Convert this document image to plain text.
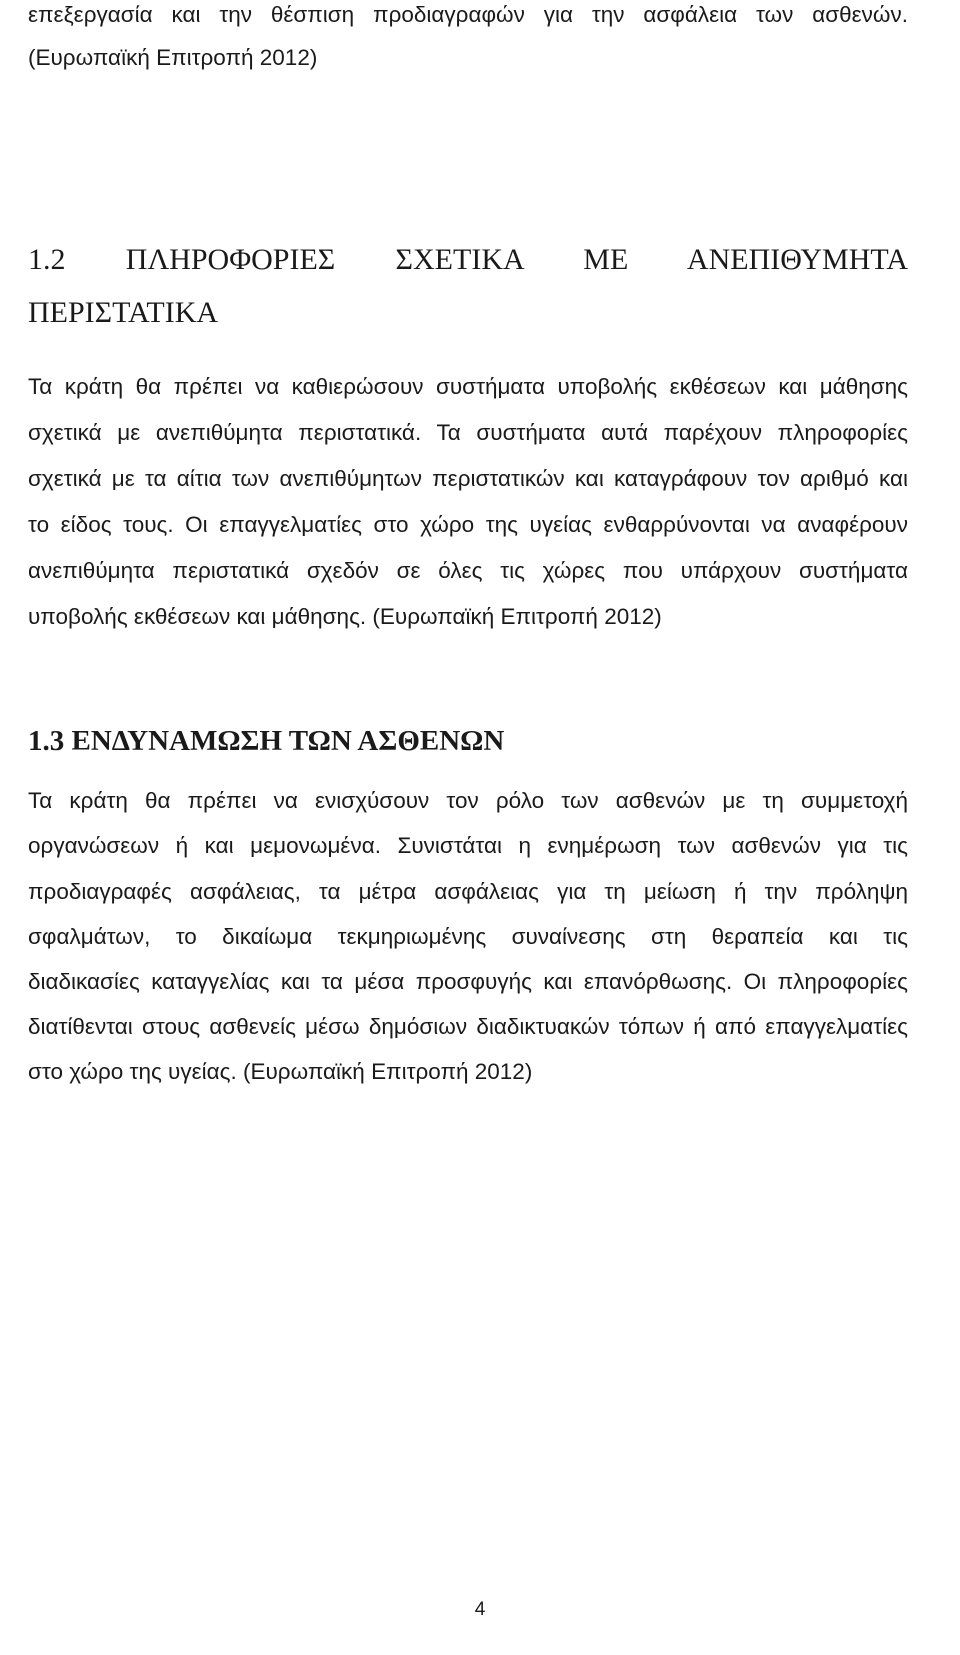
επεξεργασία και την θέσπιση προδιαγραφών για την ασφάλεια των ασθενών.

(Ευρωπαϊκή Επιτροπή 2012)

1.2 ΠΛΗΡΟΦΟΡΙΕΣ ΣΧΕΤΙΚΑ ΜΕ ΑΝΕΠΙΘΥΜΗΤΑ
ΠΕΡΙΣΤΑΤΙΚΑ

Τα κράτη θα πρέπει να καθιερώσουν συστήματα υποβολής εκθέσεων και μάθησης

σχετικά με ανεπιθύμητα περιστατικά. Τα συστήματα αυτά παρέχουν πληροφορίες

σχετικά με τα αίτια των ανεπιθύμητων περιστατικών και καταγράφουν τον αριθμό και

το είδος τους. Οι επαγγελματίες στο χώρο της υγείας ενθαρρύνονται να αναφέρουν

ανεπιθύμητα περιστατικά σχεδόν σε όλες τις χώρες που υπάρχουν συστήματα

υποβολής εκθέσεων και μάθησης. (Ευρωπαϊκή Επιτροπή 2012)

1.3 ΕΝΔΥΝΑΜΩΣΗ ΤΩΝ ΑΣΘΕΝΩΝ

Τα κράτη θα πρέπει να ενισχύσουν τον ρόλο των ασθενών με τη συμμετοχή

οργανώσεων ή και μεμονωμένα. Συνιστάται η ενημέρωση των ασθενών για τις

προδιαγραφές ασφάλειας, τα μέτρα ασφάλειας για τη μείωση ή την πρόληψη

σφαλμάτων, το δικαίωμα τεκμηριωμένης συναίνεσης στη θεραπεία και τις

διαδικασίες καταγγελίας και τα μέσα προσφυγής και επανόρθωσης. Οι πληροφορίες

διατίθενται στους ασθενείς μέσω δημόσιων διαδικτυακών τόπων ή από επαγγελματίες

στο χώρο της υγείας. (Ευρωπαϊκή Επιτροπή 2012)

4
